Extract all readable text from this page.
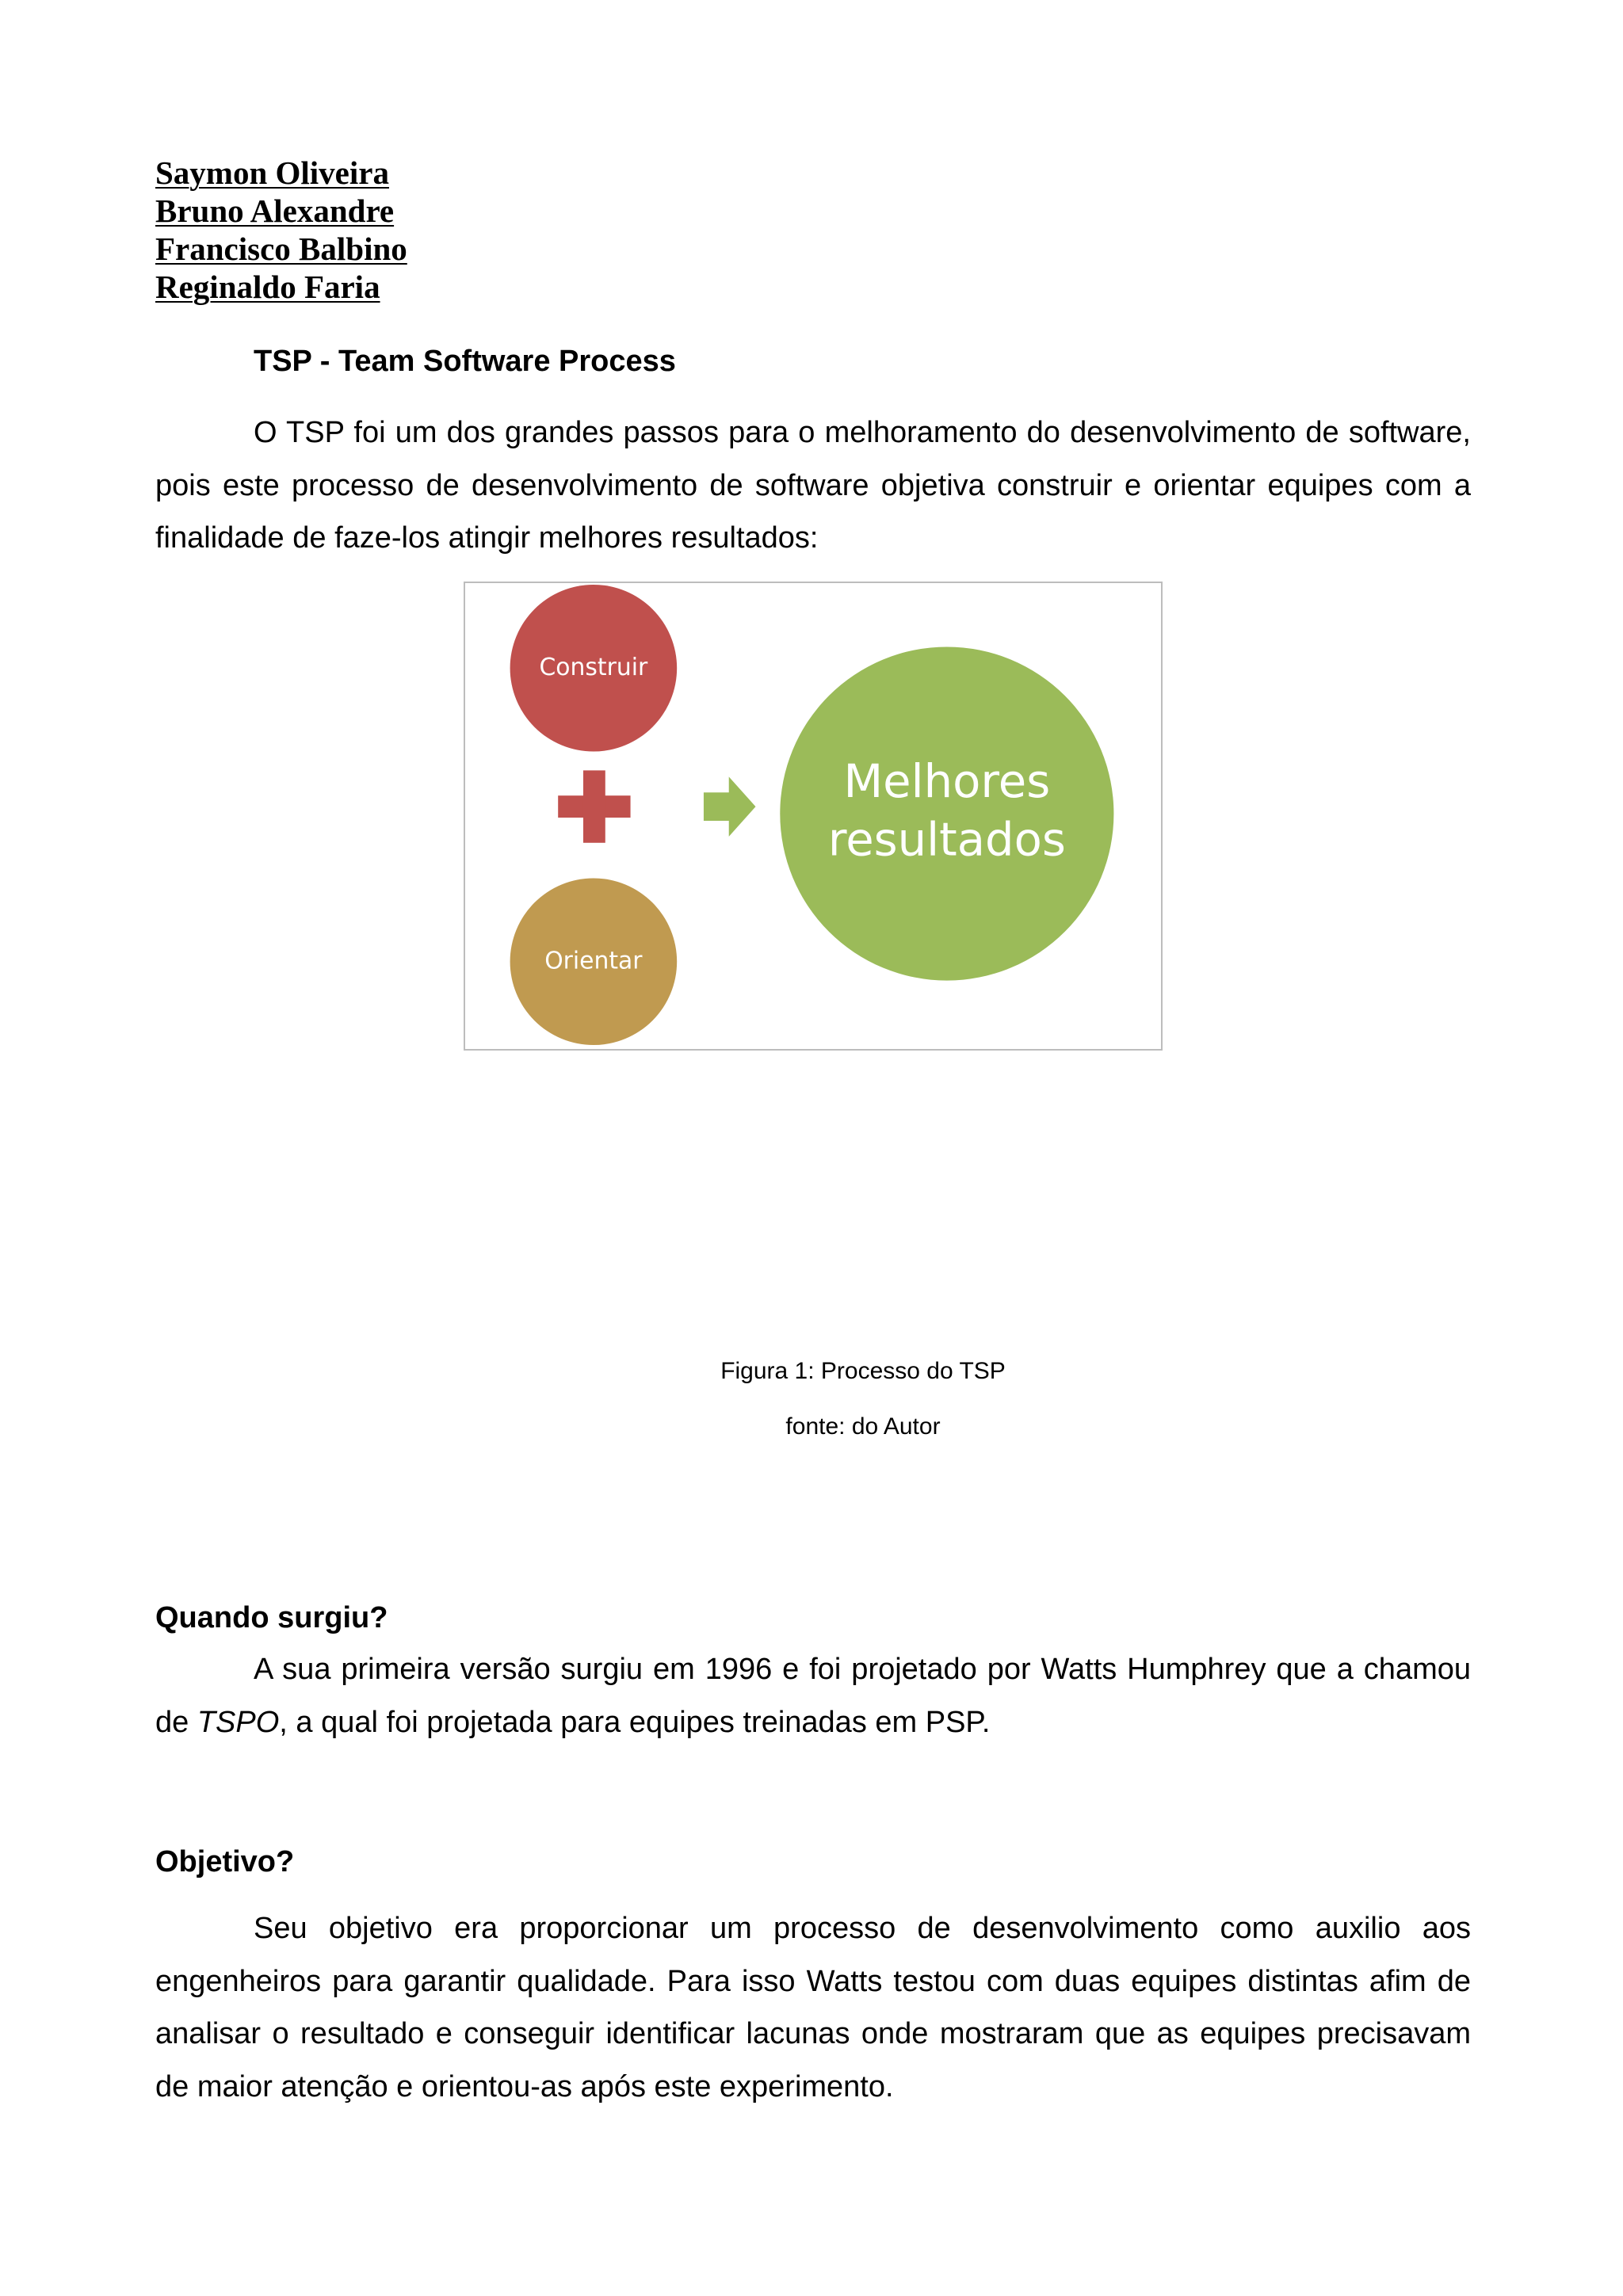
Saymon Oliveira
Bruno Alexandre
Francisco Balbino
Reginaldo Faria
TSP - Team Software Process

O TSP foi um dos grandes passos para o melhoramento do desenvolvimento de software, pois este processo de desenvolvimento de software objetiva construir e orientar equipes com a finalidade de faze-los atingir melhores resultados:

Construir
Orientar
Melhores
resultados
Figura 1: Processo do TSP
fonte: do Autor
Quando surgiu?

A sua primeira versão surgiu em 1996 e foi projetado por Watts Humphrey que a chamou de TSPO, a qual foi projetada para equipes treinadas em PSP.

Objetivo?

Seu objetivo era proporcionar um processo de desenvolvimento como auxilio aos engenheiros para garantir qualidade. Para isso Watts testou com duas equipes distintas afim de analisar o resultado e conseguir identificar lacunas onde mostraram que as equipes precisavam de maior atenção e orientou-as após este experimento.
